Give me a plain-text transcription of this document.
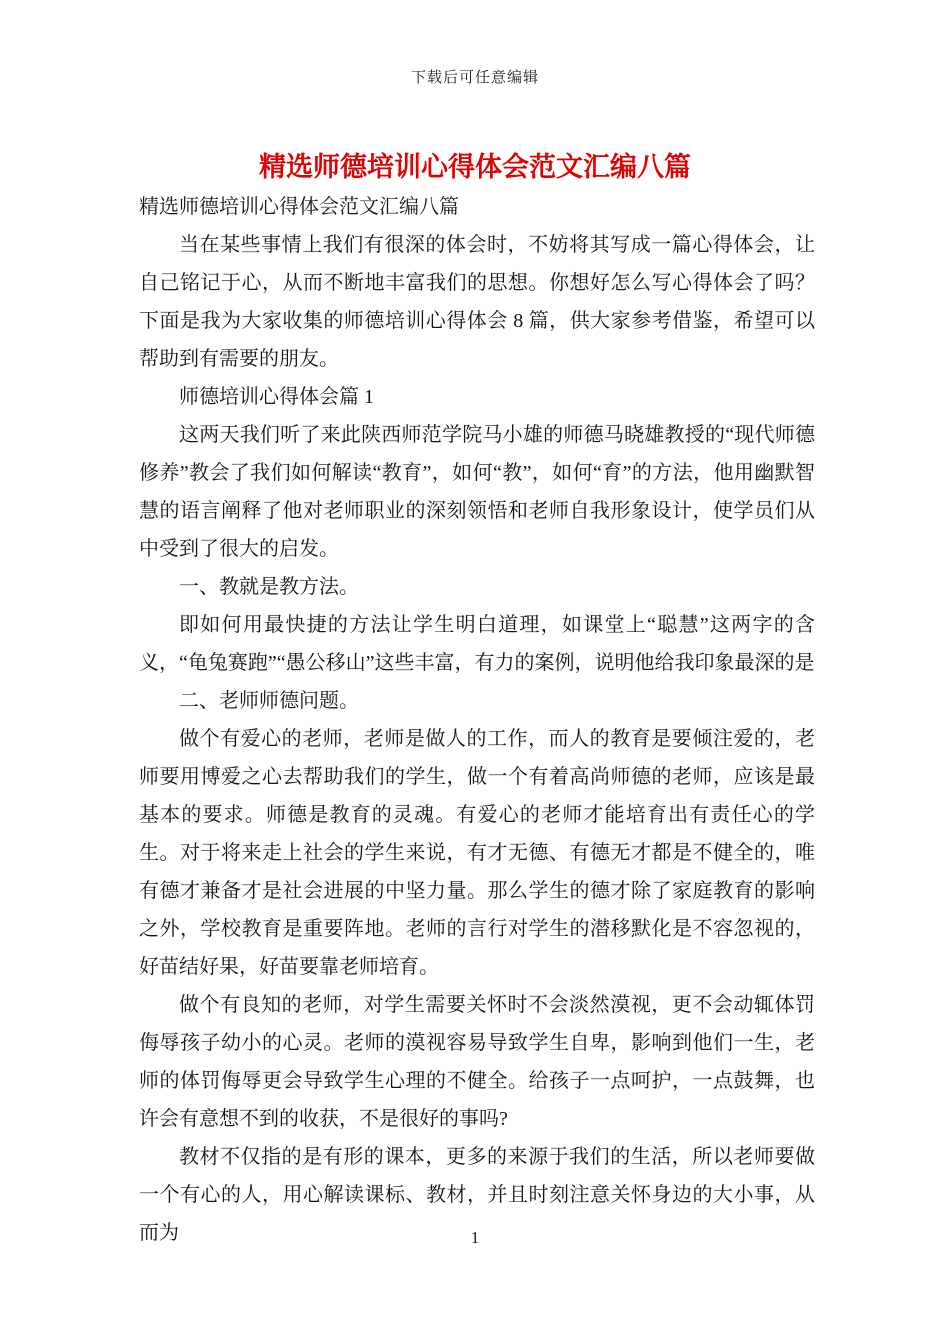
下载后可任意编辑
精选师德培训心得体会范文汇编八篇

精选师德培训心得体会范文汇编八篇

当在某些事情上我们有很深的体会时，不妨将其写成一篇心得体会，让自己铭记于心，从而不断地丰富我们的思想。你想好怎么写心得体会了吗？下面是我为大家收集的师德培训心得体会 8 篇，供大家参考借鉴，希望可以帮助到有需要的朋友。

师德培训心得体会篇 1

这两天我们听了来此陕西师范学院马小雄的师德马晓雄教授的“现代师德修养”教会了我们如何解读“教育”，如何“教”，如何“育”的方法，他用幽默智慧的语言阐释了他对老师职业的深刻领悟和老师自我形象设计，使学员们从中受到了很大的启发。

一、教就是教方法。

即如何用最快捷的方法让学生明白道理，如课堂上“聪慧”这两字的含义，“龟兔赛跑”“愚公移山”这些丰富，有力的案例，说明他给我印象最深的是

二、老师师德问题。

做个有爱心的老师，老师是做人的工作，而人的教育是要倾注爱的，老师要用博爱之心去帮助我们的学生，做一个有着高尚师德的老师，应该是最基本的要求。师德是教育的灵魂。有爱心的老师才能培育出有责任心的学生。对于将来走上社会的学生来说，有才无德、有德无才都是不健全的，唯有德才兼备才是社会进展的中坚力量。那么学生的德才除了家庭教育的影响之外，学校教育是重要阵地。老师的言行对学生的潜移默化是不容忽视的，好苗结好果，好苗要靠老师培育。

做个有良知的老师，对学生需要关怀时不会淡然漠视，更不会动辄体罚侮辱孩子幼小的心灵。老师的漠视容易导致学生自卑，影响到他们一生，老师的体罚侮辱更会导致学生心理的不健全。给孩子一点呵护，一点鼓舞，也许会有意想不到的收获，不是很好的事吗?

教材不仅指的是有形的课本，更多的来源于我们的生活，所以老师要做一个有心的人，用心解读课标、教材，并且时刻注意关怀身边的大小事，从而为	1
